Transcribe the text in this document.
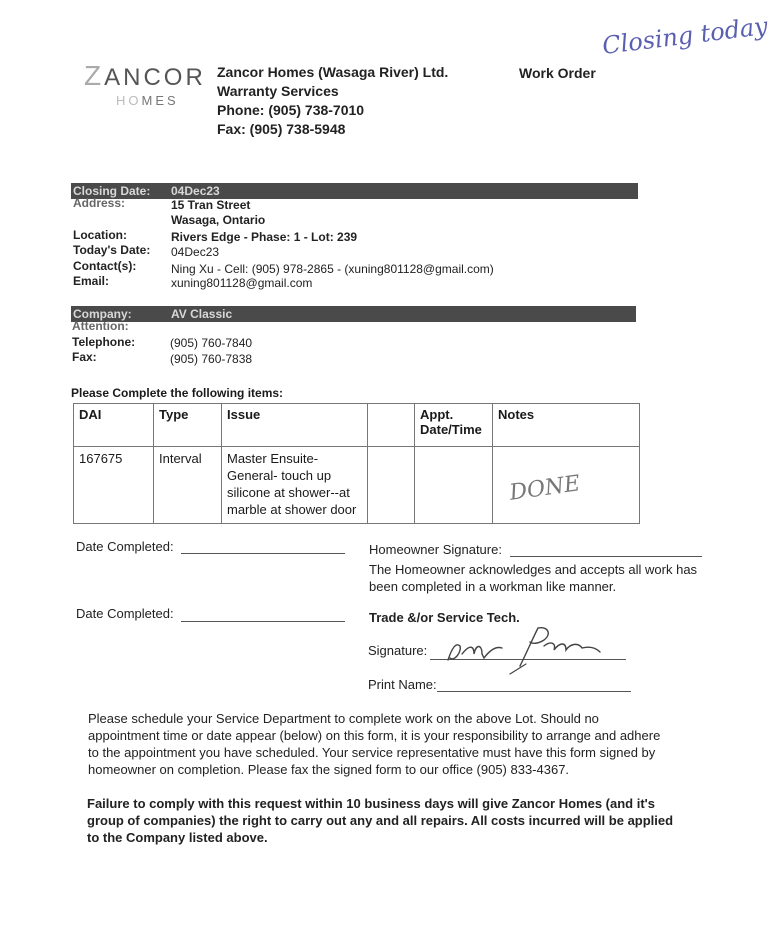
Closing today
ZANCOR
HOMES
Zancor Homes (Wasaga River) Ltd.
Warranty Services
Phone: (905) 738-7010
Fax: (905) 738-5948
Work Order
Closing Date: 04Dec23
Address:	15 Tran Street
Wasaga, Ontario
Location:	Rivers Edge - Phase: 1 - Lot: 239
Today's Date: 04Dec23
Contact(s):	Ning Xu - Cell: (905) 978-2865 - (xuning801128@gmail.com)
Email:	xuning801128@gmail.com
Company:	AV Classic
Attention:
Telephone:	(905) 760-7840
Fax:	(905) 760-7838
Please Complete the following items:
DAI	Type	Issue		Appt. Date/Time	Notes
167675	Interval	Master Ensuite- General- touch up silicone at shower--at marble at shower door			DONE
Date Completed:	Homeowner Signature:
The Homeowner acknowledges and accepts all work has been completed in a workman like manner.
Date Completed:	Trade &/or Service Tech.
Signature:
Print Name:
Please schedule your Service Department to complete work on the above Lot. Should no appointment time or date appear (below) on this form, it is your responsibility to arrange and adhere to the appointment you have scheduled. Your service representative must have this form signed by homeowner on completion. Please fax the signed form to our office (905) 833-4367.
Failure to comply with this request within 10 business days will give Zancor Homes (and it's group of companies) the right to carry out any and all repairs. All costs incurred will be applied to the Company listed above.
